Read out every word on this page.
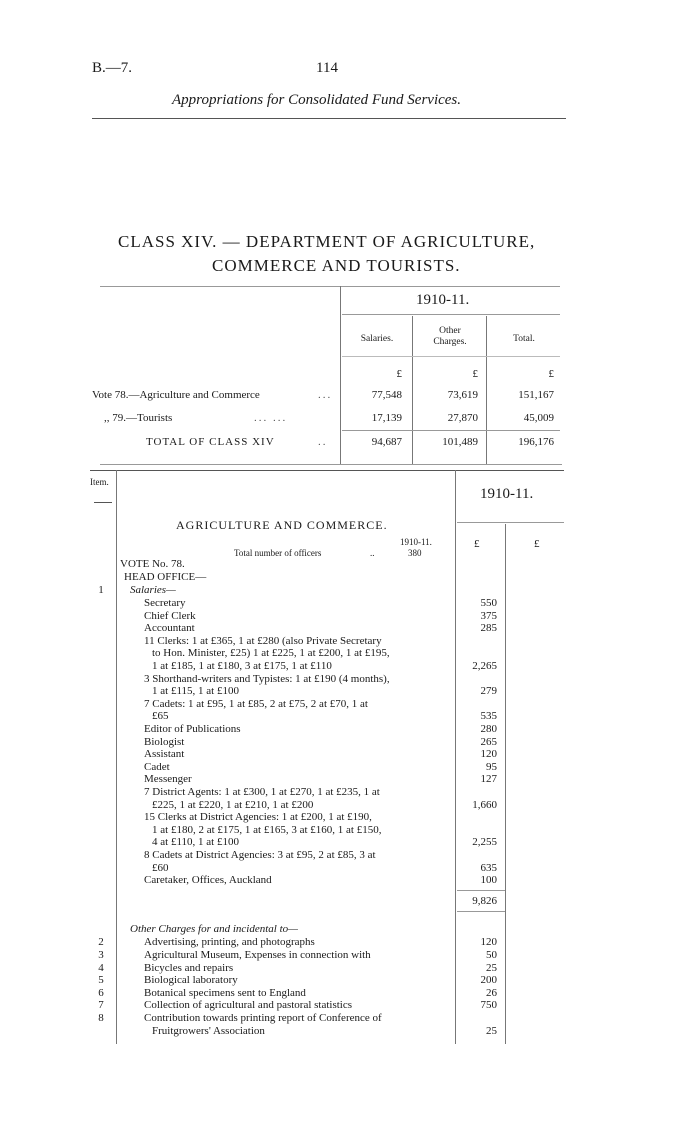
B.—7.	114
Appropriations for Consolidated Fund Services.
CLASS XIV. — DEPARTMENT OF AGRICULTURE,
COMMERCE AND TOURISTS.
1910-11.
Salaries.
Other
Charges.	Total.
£	£	£
Vote 78.—Agriculture and Commerce	...	77,548	73,619	151,167
,, 79.—Tourists	... ...	17,139	27,870	45,009
TOTAL OF CLASS XIV	..	94,687	101,489	196,176
Item.
1910-11.
AGRICULTURE AND COMMERCE.
1910-11.
Total number of officers	..	380
£	£
VOTE No. 78.
HEAD OFFICE—
1	Salaries—
Secretary	550
Chief Clerk	375
Accountant	285
11 Clerks: 1 at £365, 1 at £280 (also Private Secretary
to Hon. Minister, £25) 1 at £225, 1 at £200, 1 at £195,
1 at £185, 1 at £180, 3 at £175, 1 at £110	2,265
3 Shorthand-writers and Typistes: 1 at £190 (4 months),
1 at £115, 1 at £100	279
7 Cadets: 1 at £95, 1 at £85, 2 at £75, 2 at £70, 1 at
£65	535
Editor of Publications	280
Biologist	265
Assistant	120
Cadet	95
Messenger	127
7 District Agents: 1 at £300, 1 at £270, 1 at £235, 1 at
£225, 1 at £220, 1 at £210, 1 at £200	1,660
15 Clerks at District Agencies: 1 at £200, 1 at £190,
1 at £180, 2 at £175, 1 at £165, 3 at £160, 1 at £150,
4 at £110, 1 at £100	2,255
8 Cadets at District Agencies: 3 at £95, 2 at £85, 3 at
£60	635
Caretaker, Offices, Auckland	100
9,826
Other Charges for and incidental to—
2	Advertising, printing, and photographs	120
3	Agricultural Museum, Expenses in connection with	50
4	Bicycles and repairs	25
5	Biological laboratory	200
6	Botanical specimens sent to England	26
7	Collection of agricultural and pastoral statistics	750
8	Contribution towards printing report of Conference of
Fruitgrowers' Association	25
